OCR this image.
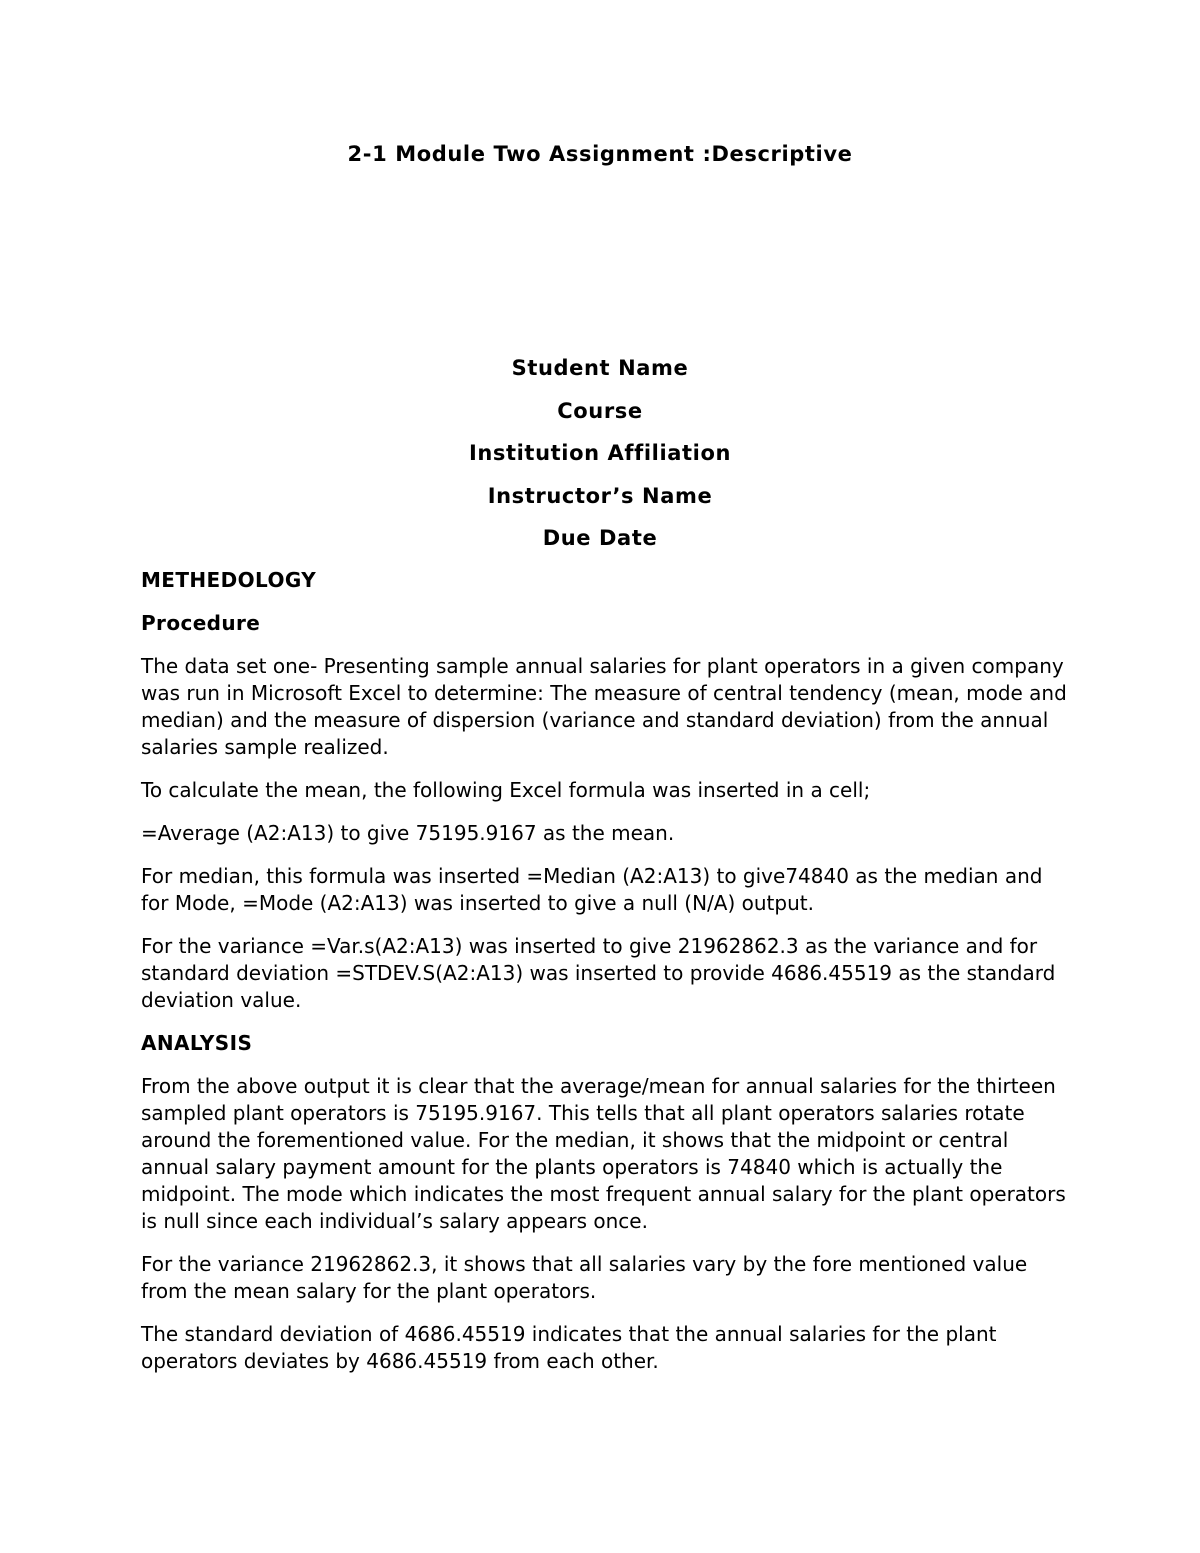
2-1 Module Two Assignment :Descriptive
Student Name
Course
Institution Affiliation
Instructor’s Name
Due Date
METHEDOLOGY
Procedure

The data set one- Presenting sample annual salaries for plant operators in a given company was run in Microsoft Excel to determine: The measure of central tendency (mean, mode and median) and the measure of dispersion (variance and standard deviation) from the annual salaries sample realized.

To calculate the mean, the following Excel formula was inserted in a cell;

=Average (A2:A13) to give 75195.9167 as the mean.

For median, this formula was inserted =Median (A2:A13) to give74840 as the median and for Mode, =Mode (A2:A13) was inserted to give a null (N/A) output.

For the variance =Var.s(A2:A13) was inserted to give 21962862.3 as the variance and for standard deviation =STDEV.S(A2:A13) was inserted to provide 4686.45519 as the standard deviation value.

ANALYSIS

From the above output it is clear that the average/mean for annual salaries for the thirteen sampled plant operators is 75195.9167. This tells that all plant operators salaries rotate around the forementioned value. For the median, it shows that the midpoint or central annual salary payment amount for the plants operators is 74840 which is actually the midpoint. The mode which indicates the most frequent annual salary for the plant operators is null since each individual’s salary appears once.

For the variance 21962862.3, it shows that all salaries vary by the fore mentioned value from the mean salary for the plant operators.

The standard deviation of 4686.45519 indicates that the annual salaries for the plant operators deviates by 4686.45519 from each other.
